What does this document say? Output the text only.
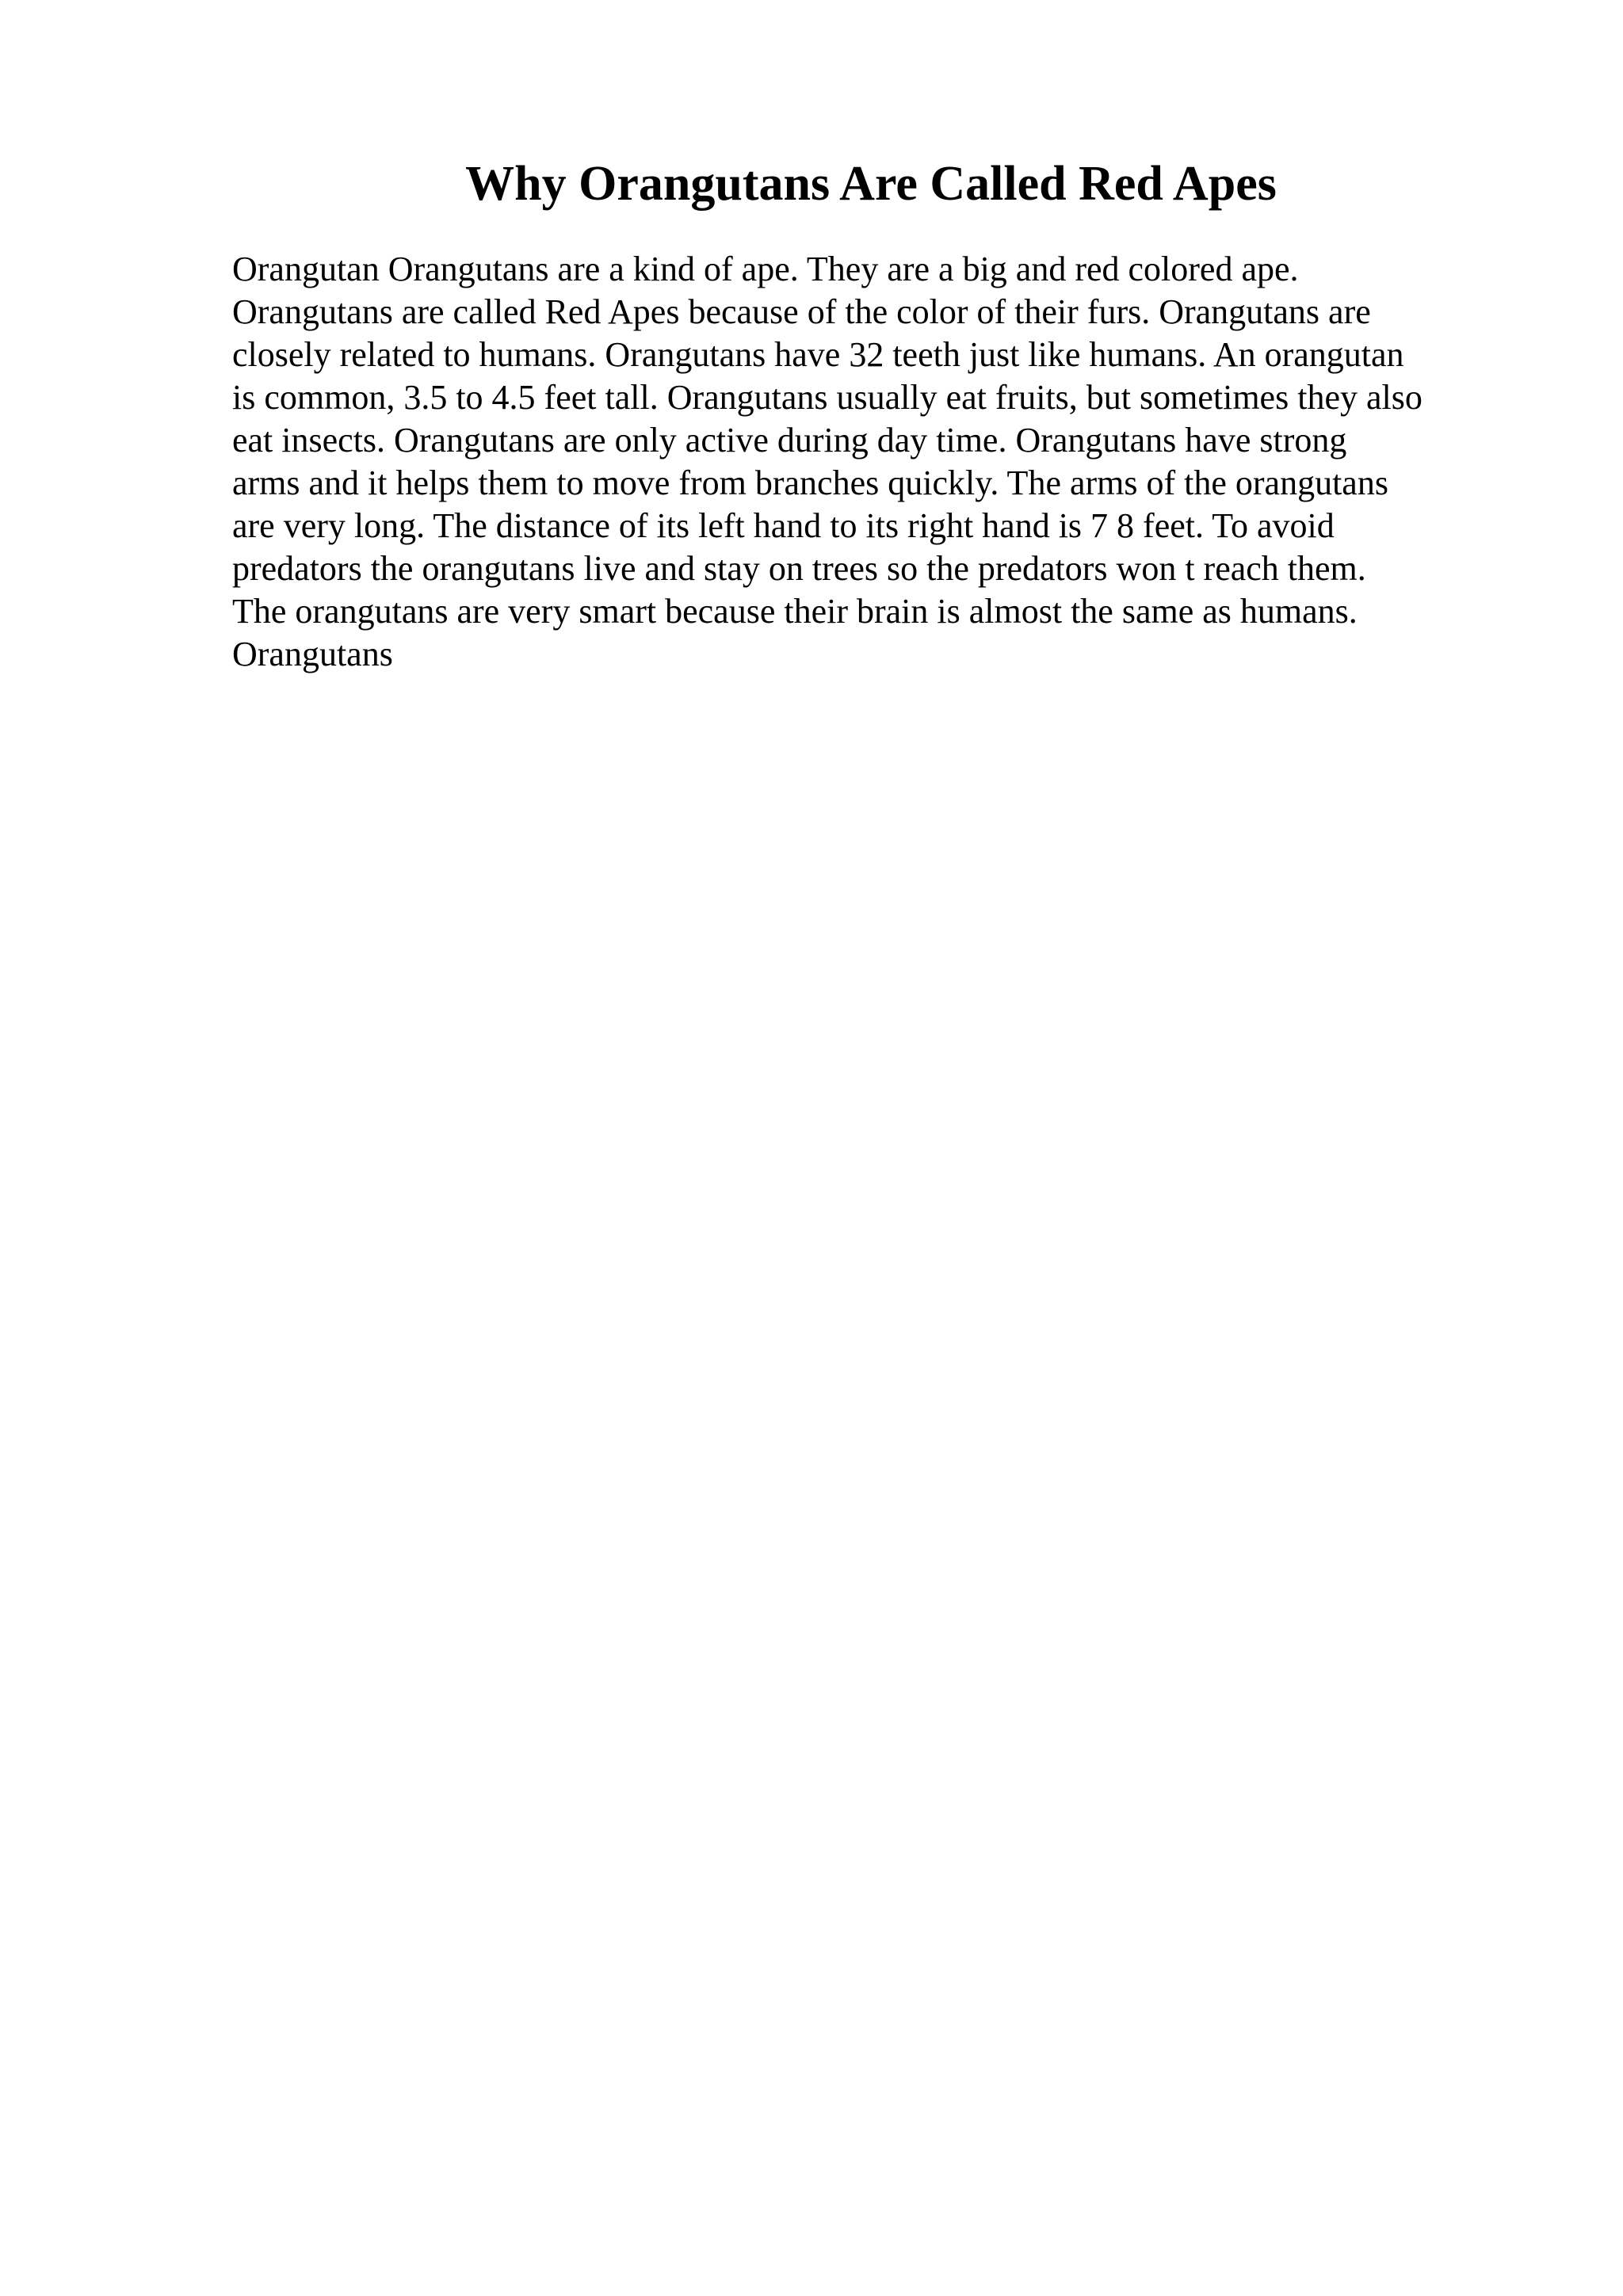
Why Orangutans Are Called Red Apes
Orangutan Orangutans are a kind of ape. They are a big and red colored ape.
Orangutans are called Red Apes because of the color of their furs. Orangutans are
closely related to humans. Orangutans have 32 teeth just like humans. An orangutan
is common, 3.5 to 4.5 feet tall. Orangutans usually eat fruits, but sometimes they also
eat insects. Orangutans are only active during day time. Orangutans have strong
arms and it helps them to move from branches quickly. The arms of the orangutans
are very long. The distance of its left hand to its right hand is 7 8 feet. To avoid
predators the orangutans live and stay on trees so the predators won t reach them.
The orangutans are very smart because their brain is almost the same as humans.
Orangutans
